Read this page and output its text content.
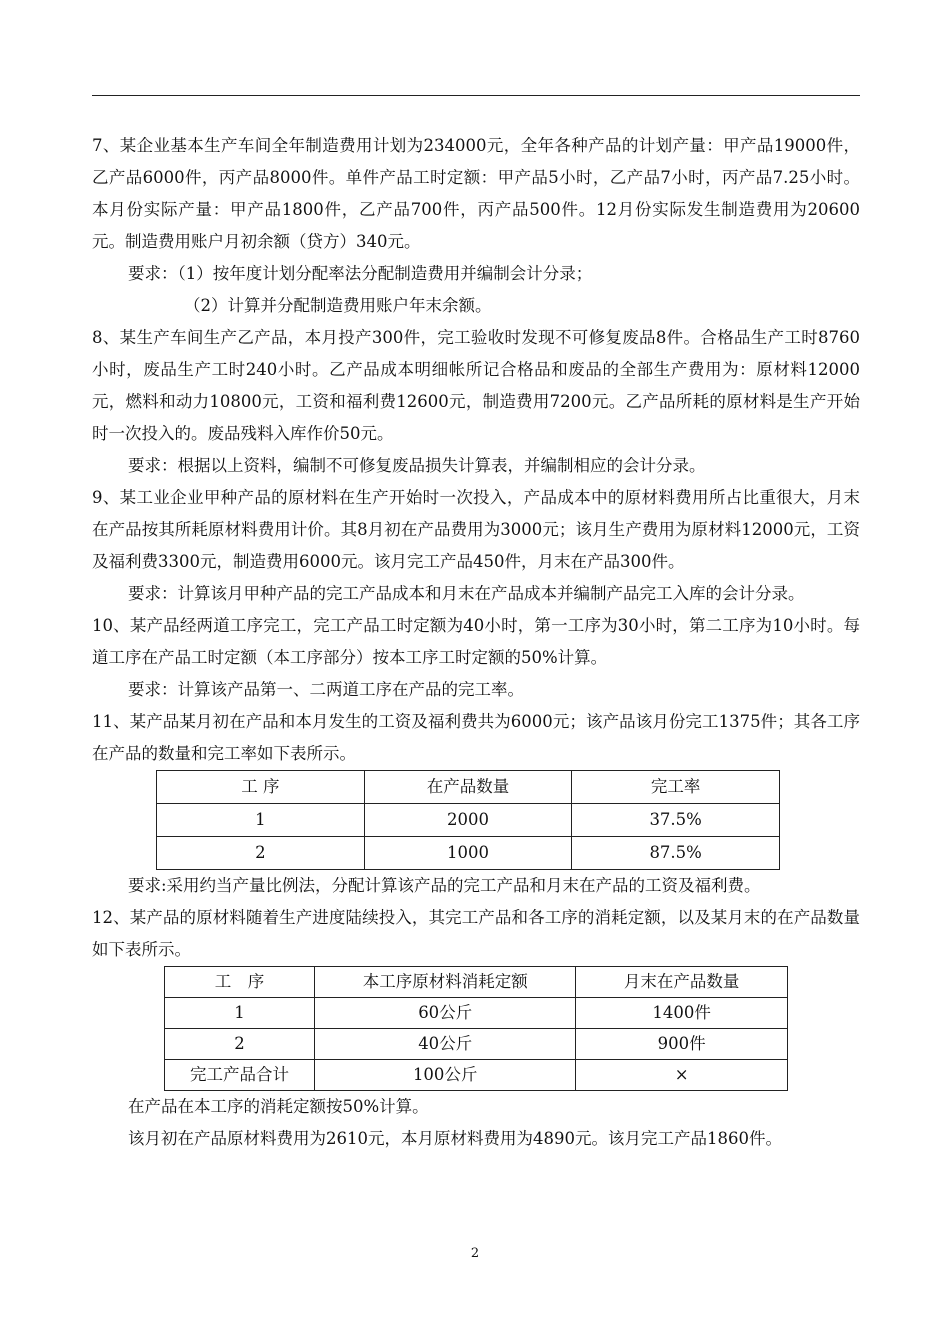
7、某企业基本生产车间全年制造费用计划为234000元，全年各种产品的计划产量：甲产品19000件，乙产品6000件，丙产品8000件。单件产品工时定额：甲产品5小时，乙产品7小时，丙产品7.25小时。本月份实际产量：甲产品1800件，乙产品700件，丙产品500件。12月份实际发生制造费用为20600元。制造费用账户月初余额（贷方）340元。

要求：（1）按年度计划分配率法分配制造费用并编制会计分录；

（2）计算并分配制造费用账户年末余额。

8、某生产车间生产乙产品，本月投产300件，完工验收时发现不可修复废品8件。合格品生产工时8760小时，废品生产工时240小时。乙产品成本明细帐所记合格品和废品的全部生产费用为：原材料12000元，燃料和动力10800元，工资和福利费12600元，制造费用7200元。乙产品所耗的原材料是生产开始时一次投入的。废品残料入库作价50元。

要求：根据以上资料，编制不可修复废品损失计算表，并编制相应的会计分录。

9、某工业企业甲种产品的原材料在生产开始时一次投入，产品成本中的原材料费用所占比重很大，月末在产品按其所耗原材料费用计价。其8月初在产品费用为3000元；该月生产费用为原材料12000元，工资及福利费3300元，制造费用6000元。该月完工产品450件，月末在产品300件。

要求：计算该月甲种产品的完工产品成本和月末在产品成本并编制产品完工入库的会计分录。

10、某产品经两道工序完工，完工产品工时定额为40小时，第一工序为30小时，第二工序为10小时。每道工序在产品工时定额（本工序部分）按本工序工时定额的50%计算。

要求：计算该产品第一、二两道工序在产品的完工率。

11、某产品某月初在产品和本月发生的工资及福利费共为6000元；该产品该月份完工1375件；其各工序在产品的数量和完工率如下表所示。

工 序	在产品数量	完工率
1	2000	37.5%
2	1000	87.5%

要求:采用约当产量比例法，分配计算该产品的完工产品和月末在产品的工资及福利费。

12、某产品的原材料随着生产进度陆续投入，其完工产品和各工序的消耗定额，以及某月末的在产品数量如下表所示。

工　序	本工序原材料消耗定额	月末在产品数量
1	60公斤	1400件
2	40公斤	900件
完工产品合计	100公斤	×

在产品在本工序的消耗定额按50%计算。

该月初在产品原材料费用为2610元，本月原材料费用为4890元。该月完工产品1860件。

2
